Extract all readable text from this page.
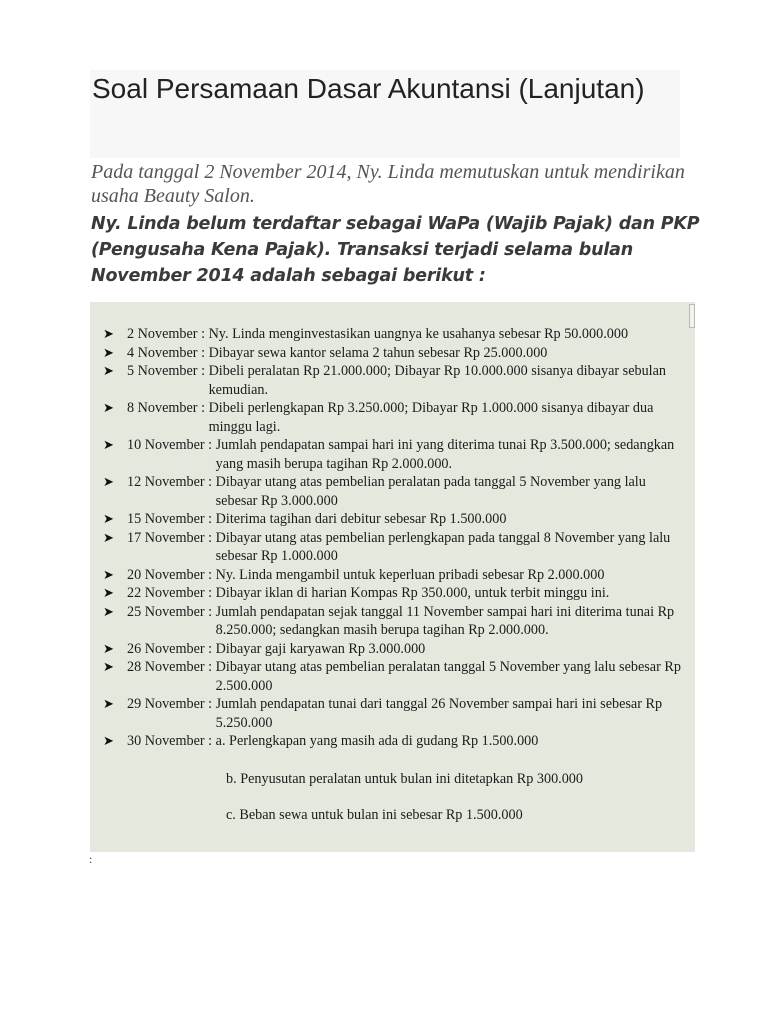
Soal Persamaan Dasar Akuntansi (Lanjutan)

Pada tanggal 2 November 2014, Ny. Linda memutuskan untuk mendirikan usaha Beauty Salon.

Ny. Linda belum terdaftar sebagai WaPa (Wajib Pajak) dan PKP (Pengusaha Kena Pajak). Transaksi terjadi selama bulan November 2014 adalah sebagai berikut :

➤ 2 November : Ny. Linda menginvestasikan uangnya ke usahanya sebesar Rp 50.000.000
➤ 4 November : Dibayar sewa kantor selama 2 tahun sebesar Rp 25.000.000
➤ 5 November : Dibeli peralatan Rp 21.000.000; Dibayar Rp 10.000.000 sisanya dibayar sebulan kemudian.
➤ 8 November : Dibeli perlengkapan Rp 3.250.000; Dibayar Rp 1.000.000 sisanya dibayar dua minggu lagi.
➤ 10 November : Jumlah pendapatan sampai hari ini yang diterima tunai Rp 3.500.000; sedangkan yang masih berupa tagihan Rp 2.000.000.
➤ 12 November : Dibayar utang atas pembelian peralatan pada tanggal 5 November yang lalu sebesar Rp 3.000.000
➤ 15 November : Diterima tagihan dari debitur sebesar Rp 1.500.000
➤ 17 November : Dibayar utang atas pembelian perlengkapan pada tanggal 8 November yang lalu sebesar Rp 1.000.000
➤ 20 November : Ny. Linda mengambil untuk keperluan pribadi sebesar Rp 2.000.000
➤ 22 November : Dibayar iklan di harian Kompas Rp 350.000, untuk terbit minggu ini.
➤ 25 November : Jumlah pendapatan sejak tanggal 11 November sampai hari ini diterima tunai Rp 8.250.000; sedangkan masih berupa tagihan Rp 2.000.000.
➤ 26 November : Dibayar gaji karyawan Rp 3.000.000
➤ 28 November : Dibayar utang atas pembelian peralatan tanggal 5 November yang lalu sebesar Rp 2.500.000
➤ 29 November : Jumlah pendapatan tunai dari tanggal 26 November sampai hari ini sebesar Rp 5.250.000
➤ 30 November : a. Perlengkapan yang masih ada di gudang Rp 1.500.000
b. Penyusutan peralatan untuk bulan ini ditetapkan Rp 300.000
c. Beban sewa untuk bulan ini sebesar Rp 1.500.000
:
